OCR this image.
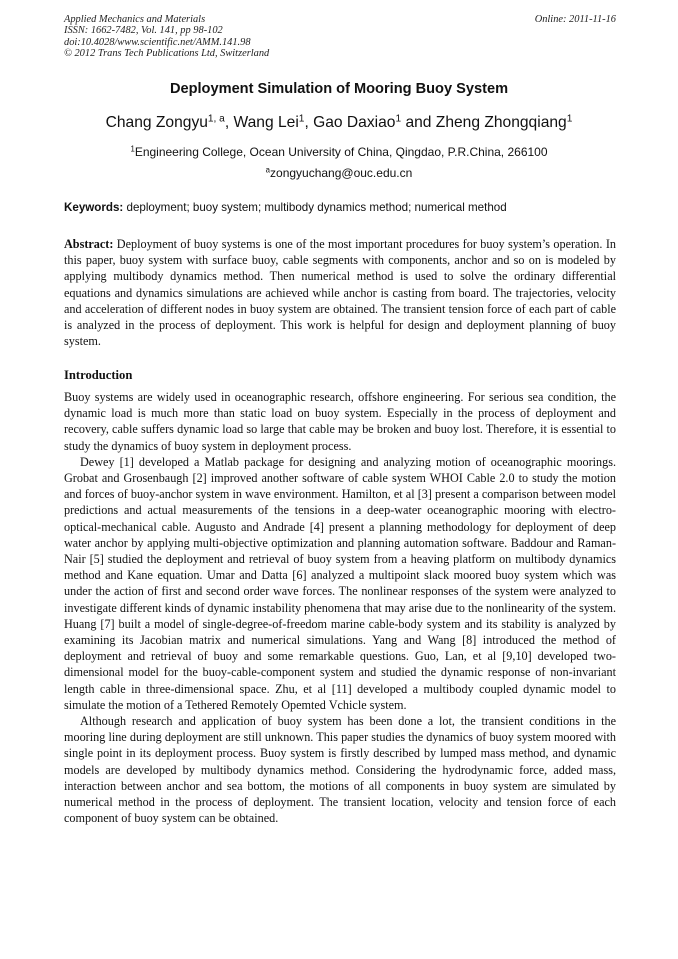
Applied Mechanics and Materials
ISSN: 1662-7482, Vol. 141, pp 98-102
doi:10.4028/www.scientific.net/AMM.141.98
© 2012 Trans Tech Publications Ltd, Switzerland
Online: 2011-11-16
Deployment Simulation of Mooring Buoy System
Chang Zongyu$^{1, a}$, Wang Lei$^1$, Gao Daxiao$^1$ and Zheng Zhongqiang$^1$
$^1$Engineering College, Ocean University of China, Qingdao, P.R.China, 266100
$^a$zongyuchang@ouc.edu.cn
Keywords: deployment; buoy system; multibody dynamics method; numerical method
Abstract: Deployment of buoy systems is one of the most important procedures for buoy system’s operation. In this paper, buoy system with surface buoy, cable segments with components, anchor and so on is modeled by applying multibody dynamics method. Then numerical method is used to solve the ordinary differential equations and dynamics simulations are achieved while anchor is casting from board. The trajectories, velocity and acceleration of different nodes in buoy system are obtained. The transient tension force of each part of cable is analyzed in the process of deployment. This work is helpful for design and deployment planning of buoy system.
Introduction

Buoy systems are widely used in oceanographic research, offshore engineering. For serious sea condition, the dynamic load is much more than static load on buoy system. Especially in the process of deployment and recovery, cable suffers dynamic load so large that cable may be broken and buoy lost. Therefore, it is essential to study the dynamics of buoy system in deployment process.

Dewey [1] developed a Matlab package for designing and analyzing motion of oceanographic moorings. Grobat and Grosenbaugh [2] improved another software of cable system WHOI Cable 2.0 to study the motion and forces of buoy-anchor system in wave environment. Hamilton, et al [3] present a comparison between model predictions and actual measurements of the tensions in a deep-water oceanographic mooring with electro-optical-mechanical cable. Augusto and Andrade [4] present a planning methodology for deployment of deep water anchor by applying multi-objective optimization and planning automation software. Baddour and Raman-Nair [5] studied the deployment and retrieval of buoy system from a heaving platform on multibody dynamics method and Kane equation. Umar and Datta [6] analyzed a multipoint slack moored buoy system which was under the action of first and second order wave forces. The nonlinear responses of the system were analyzed to investigate different kinds of dynamic instability phenomena that may arise due to the nonlinearity of the system. Huang [7] built a model of single-degree-of-freedom marine cable-body system and its stability is analyzed by examining its Jacobian matrix and numerical simulations. Yang and Wang [8] introduced the method of deployment and retrieval of buoy and some remarkable questions. Guo, Lan, et al [9,10] developed two-dimensional model for the buoy-cable-component system and studied the dynamic response of non-invariant length cable in three-dimensional space. Zhu, et al [11] developed a multibody coupled dynamic model to simulate the motion of a Tethered Remotely Opemted Vchicle system.

Although research and application of buoy system has been done a lot, the transient conditions in the mooring line during deployment are still unknown. This paper studies the dynamics of buoy system moored with single point in its deployment process. Buoy system is firstly described by lumped mass method, and dynamic models are developed by multibody dynamics method. Considering the hydrodynamic force, added mass, interaction between anchor and sea bottom, the motions of all components in buoy system are simulated by numerical method in the process of deployment. The transient location, velocity and tension force of each component of buoy system can be obtained.
